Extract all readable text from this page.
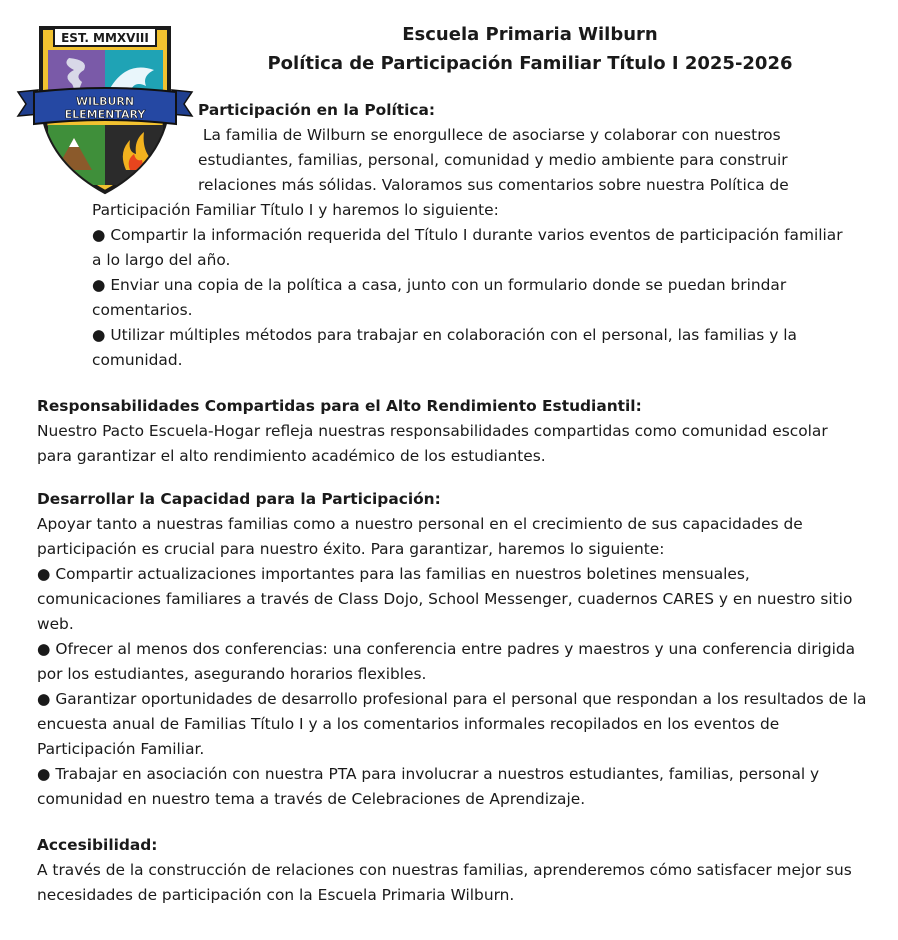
EST. MMXVIII
WILBURN
ELEMENTARY
Escuela Primaria Wilburn
Política de Participación Familiar Título I 2025-2026

Participación en la Política:

La familia de Wilburn se enorgullece de asociarse y colaborar con nuestros

estudiantes, familias, personal, comunidad y medio ambiente para construir

relaciones más sólidas. Valoramos sus comentarios sobre nuestra Política de

Participación Familiar Título I y haremos lo siguiente:

● Compartir la información requerida del Título I durante varios eventos de participación familiar a lo largo del año.

● Enviar una copia de la política a casa, junto con un formulario donde se puedan brindar comentarios.

● Utilizar múltiples métodos para trabajar en colaboración con el personal, las familias y la comunidad.

Responsabilidades Compartidas para el Alto Rendimiento Estudiantil:

Nuestro Pacto Escuela-Hogar refleja nuestras responsabilidades compartidas como comunidad escolar para garantizar el alto rendimiento académico de los estudiantes.

Desarrollar la Capacidad para la Participación:

Apoyar tanto a nuestras familias como a nuestro personal en el crecimiento de sus capacidades de participación es crucial para nuestro éxito. Para garantizar, haremos lo siguiente:

● Compartir actualizaciones importantes para las familias en nuestros boletines mensuales, comunicaciones familiares a través de Class Dojo, School Messenger, cuadernos CARES y en nuestro sitio web.

● Ofrecer al menos dos conferencias: una conferencia entre padres y maestros y una conferencia dirigida por los estudiantes, asegurando horarios flexibles.

● Garantizar oportunidades de desarrollo profesional para el personal que respondan a los resultados de la encuesta anual de Familias Título I y a los comentarios informales recopilados en los eventos de Participación Familiar.

● Trabajar en asociación con nuestra PTA para involucrar a nuestros estudiantes, familias, personal y comunidad en nuestro tema a través de Celebraciones de Aprendizaje.

Accesibilidad:

A través de la construcción de relaciones con nuestras familias, aprenderemos cómo satisfacer mejor sus necesidades de participación con la Escuela Primaria Wilburn.
